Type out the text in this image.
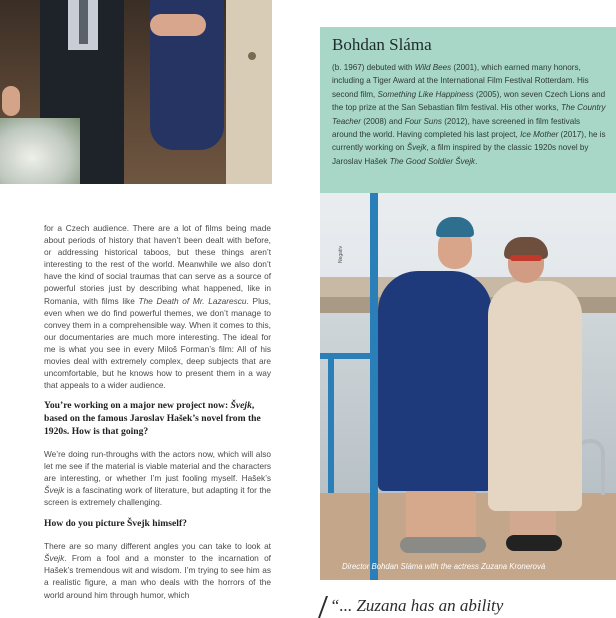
for a Czech audience. There are a lot of films being made about periods of history that haven’t been dealt with before, or addressing historical taboos, but these things aren’t interesting to the rest of the world. Meanwhile we also don’t have the kind of social traumas that can serve as a source of powerful stories just by describing what happened, like in Romania, with films like The Death of Mr. Lazarescu. Plus, even when we do find powerful themes, we don’t manage to convey them in a comprehensible way. When it comes to this, our documentaries are much more interesting. The ideal for me is what you see in every Miloš Forman’s film: All of his movies deal with extremely complex, deep subjects that are uncomfortable, but he knows how to present them in a way that appeals to a wider audience.

You’re working on a major new project now: Švejk, based on the famous Jaroslav Hašek’s novel from the 1920s. How is that going?

We’re doing run-throughs with the actors now, which will also let me see if the material is viable material and the characters are interesting, or whether I’m just fooling myself. Hašek’s Švejk is a fascinating work of literature, but adapting it for the screen is extremely challenging.

How do you picture Švejk himself?

There are so many different angles you can take to look at Švejk. From a fool and a monster to the incarnation of Hašek’s tremendous wit and wisdom. I’m trying to see him as a realistic figure, a man who deals with the horrors of the world around him through humor, which

Bohdan Sláma

(b. 1967) debuted with Wild Bees (2001), which earned many honors, including a Tiger Award at the International Film Festival Rotterdam. His second film, Something Like Happiness (2005), won seven Czech Lions and the top prize at the San Sebastian film festival. His other works, The Country Teacher (2008) and Four Suns (2012), have screened in film festivals around the world. Having completed his last project, Ice Mother (2017), he is currently working on Švejk, a film inspired by the classic 1920s novel by Jaroslav Hašek The Good Soldier Švejk.

Negativ
Director Bohdan Sláma with the actress Zuzana Kronerová
“... Zuzana has an ability
